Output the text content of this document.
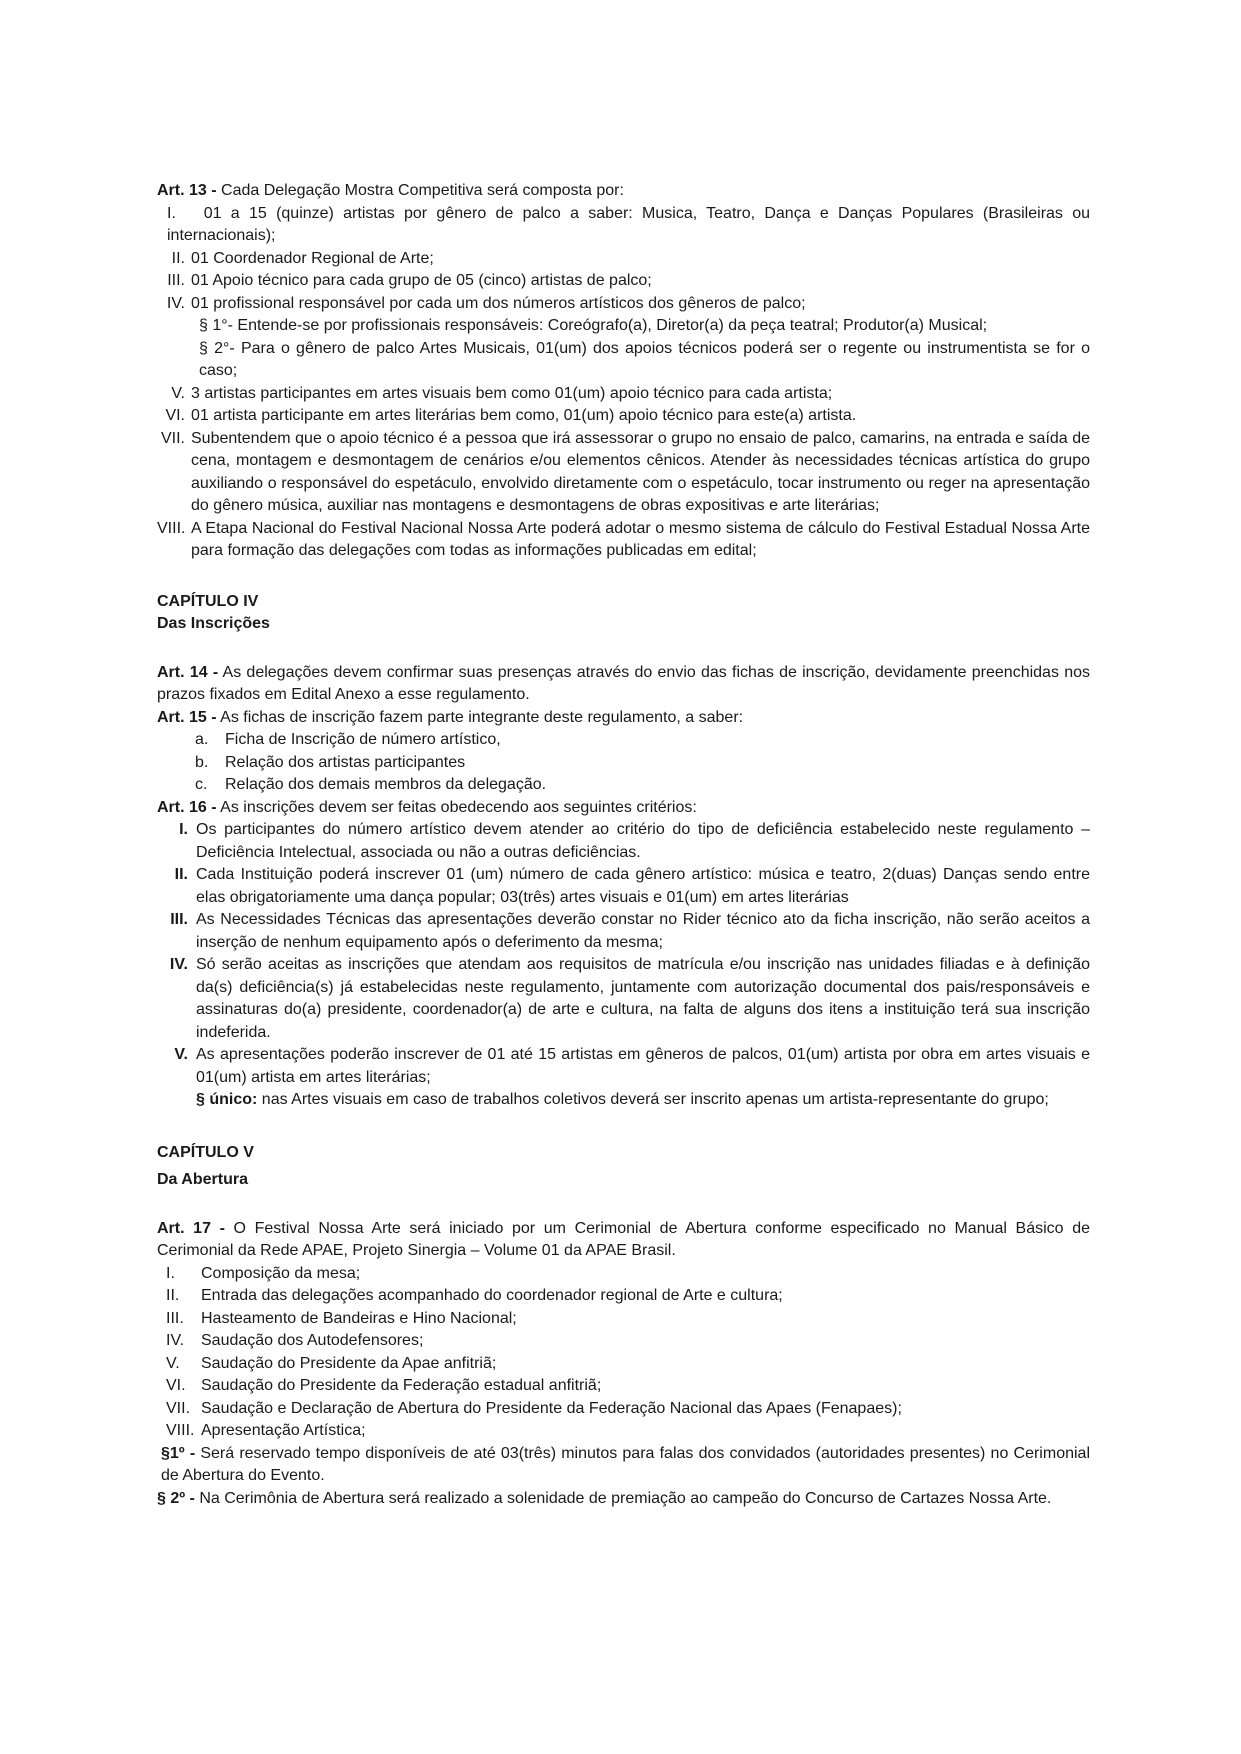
Art. 13 - Cada Delegação Mostra Competitiva será composta por:

I. 01 a 15 (quinze) artistas por gênero de palco a saber: Musica, Teatro, Dança e Danças Populares (Brasileiras ou internacionais);

II. 01 Coordenador Regional de Arte;

III. 01 Apoio técnico para cada grupo de 05 (cinco) artistas de palco;

IV. 01 profissional responsável por cada um dos números artísticos dos gêneros de palco;

§ 1°- Entende-se por profissionais responsáveis: Coreógrafo(a), Diretor(a) da peça teatral; Produtor(a) Musical;

§ 2°- Para o gênero de palco Artes Musicais, 01(um) dos apoios técnicos poderá ser o regente ou instrumentista se for o caso;

V. 3 artistas participantes em artes visuais bem como 01(um) apoio técnico para cada artista;

VI. 01 artista participante em artes literárias bem como, 01(um) apoio técnico para este(a) artista.

VII. Subentendem que o apoio técnico é a pessoa que irá assessorar o grupo no ensaio de palco, camarins, na entrada e saída de cena, montagem e desmontagem de cenários e/ou elementos cênicos. Atender às necessidades técnicas artística do grupo auxiliando o responsável do espetáculo, envolvido diretamente com o espetáculo, tocar instrumento ou reger na apresentação do gênero música, auxiliar nas montagens e desmontagens de obras expositivas e arte literárias;

VIII. A Etapa Nacional do Festival Nacional Nossa Arte poderá adotar o mesmo sistema de cálculo do Festival Estadual Nossa Arte para formação das delegações com todas as informações publicadas em edital;

CAPÍTULO IV

Das Inscrições

Art. 14 - As delegações devem confirmar suas presenças através do envio das fichas de inscrição, devidamente preenchidas nos prazos fixados em Edital Anexo a esse regulamento.

Art. 15 - As fichas de inscrição fazem parte integrante deste regulamento, a saber:

a.	Ficha de Inscrição de número artístico,

b.	Relação dos artistas participantes

c.	Relação dos demais membros da delegação.

Art. 16 - As inscrições devem ser feitas obedecendo aos seguintes critérios:

I. Os participantes do número artístico devem atender ao critério do tipo de deficiência estabelecido neste regulamento – Deficiência Intelectual, associada ou não a outras deficiências.

II. Cada Instituição poderá inscrever 01 (um) número de cada gênero artístico: música e teatro, 2(duas) Danças sendo entre elas obrigatoriamente uma dança popular; 03(três) artes visuais e 01(um) em artes literárias

III. As Necessidades Técnicas das apresentações deverão constar no Rider técnico ato da ficha inscrição, não serão aceitos a inserção de nenhum equipamento após o deferimento da mesma;

IV. Só serão aceitas as inscrições que atendam aos requisitos de matrícula e/ou inscrição nas unidades filiadas e à definição da(s) deficiência(s) já estabelecidas neste regulamento, juntamente com autorização documental dos pais/responsáveis e assinaturas do(a) presidente, coordenador(a) de arte e cultura, na falta de alguns dos itens a instituição terá sua inscrição indeferida.

V. As apresentações poderão inscrever de 01 até 15 artistas em gêneros de palcos, 01(um) artista por obra em artes visuais e 01(um) artista em artes literárias;

§ único: nas Artes visuais em caso de trabalhos coletivos deverá ser inscrito apenas um artista-representante do grupo;

CAPÍTULO V

Da Abertura

Art. 17 - O Festival Nossa Arte será iniciado por um Cerimonial de Abertura conforme especificado no Manual Básico de Cerimonial da Rede APAE, Projeto Sinergia – Volume 01 da APAE Brasil.

I.	Composição da mesa;

II.	Entrada das delegações acompanhado do coordenador regional de Arte e cultura;

III.	Hasteamento de Bandeiras e Hino Nacional;

IV.	Saudação dos Autodefensores;

V.	Saudação do Presidente da Apae anfitriã;

VI. Saudação do Presidente da Federação estadual anfitriã;

VII. Saudação e Declaração de Abertura do Presidente da Federação Nacional das Apaes (Fenapaes);

VIII. Apresentação Artística;

§1º - Será reservado tempo disponíveis de até 03(três) minutos para falas dos convidados (autoridades presentes) no Cerimonial de Abertura do Evento.

§ 2º - Na Cerimônia de Abertura será realizado a solenidade de premiação ao campeão do Concurso de Cartazes Nossa Arte.
